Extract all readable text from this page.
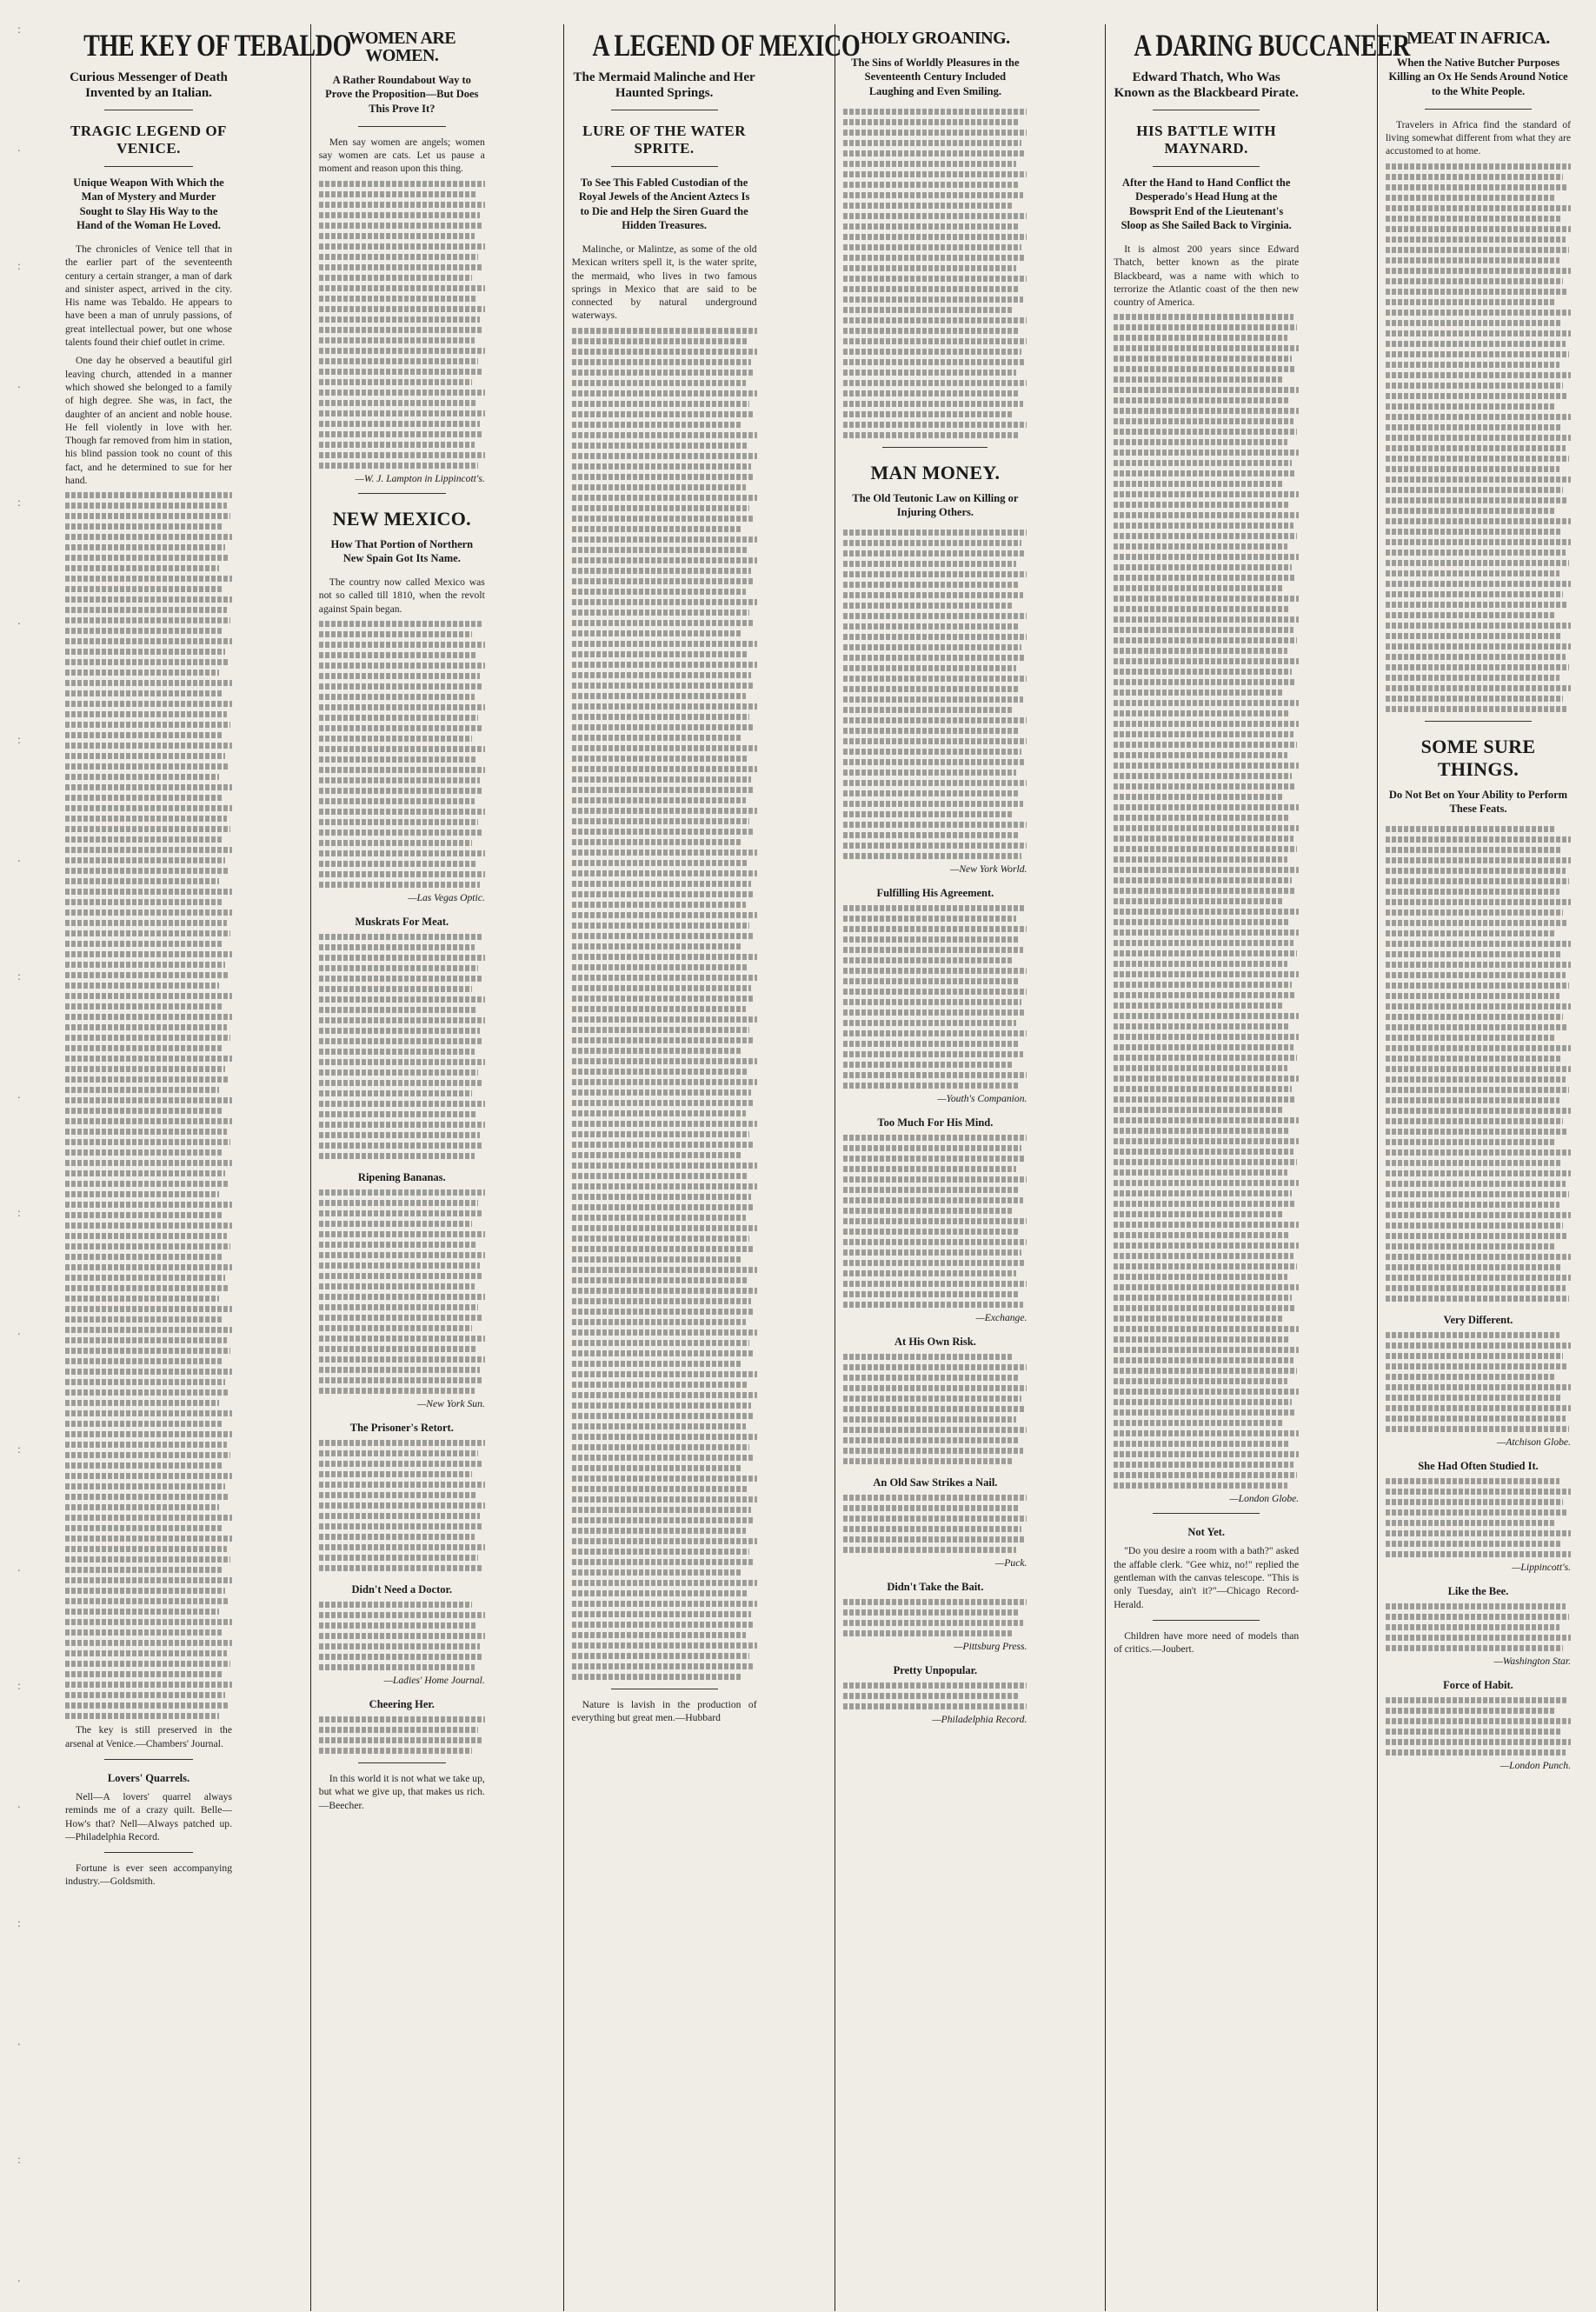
:
.
:
.
:
.
:
.
:
.
:
.
:
.
:
.
:
.
:
.
THE KEY OF TEBALDO
Curious Messenger of Death Invented by an Italian.
TRAGIC LEGEND OF VENICE.
Unique Weapon With Which the Man of Mystery and Murder Sought to Slay His Way to the Hand of the Woman He Loved.

The chronicles of Venice tell that in the earlier part of the seventeenth century a certain stranger, a man of dark and sinister aspect, arrived in the city. His name was Tebaldo. He appears to have been a man of unruly passions, of great intellectual power, but one whose talents found their chief outlet in crime.

One day he observed a beautiful girl leaving church, attended in a manner which showed she belonged to a family of high degree. She was, in fact, the daughter of an ancient and noble house. He fell violently in love with her. Though far removed from him in station, his blind passion took no count of this fact, and he determined to sue for her hand.

The key is still preserved in the arsenal at Venice.—Chambers' Journal.

Lovers' Quarrels.

Nell—A lovers' quarrel always reminds me of a crazy quilt. Belle—How's that? Nell—Always patched up.—Philadelphia Record.

Fortune is ever seen accompanying industry.—Goldsmith.

WOMEN ARE WOMEN.
A Rather Roundabout Way to Prove the Proposition—But Does This Prove It?

Men say women are angels; women say women are cats. Let us pause a moment and reason upon this thing.

—W. J. Lampton in Lippincott's.

NEW MEXICO.
How That Portion of Northern New Spain Got Its Name.

The country now called Mexico was not so called till 1810, when the revolt against Spain began.

—Las Vegas Optic.

Muskrats For Meat.
Ripening Bananas.

—New York Sun.

The Prisoner's Retort.
Didn't Need a Doctor.

—Ladies' Home Journal.

Cheering Her.

In this world it is not what we take up, but what we give up, that makes us rich.—Beecher.

A LEGEND OF MEXICO
The Mermaid Malinche and Her Haunted Springs.
LURE OF THE WATER SPRITE.
To See This Fabled Custodian of the Royal Jewels of the Ancient Aztecs Is to Die and Help the Siren Guard the Hidden Treasures.

Malinche, or Malintze, as some of the old Mexican writers spell it, is the water sprite, the mermaid, who lives in two famous springs in Mexico that are said to be connected by natural underground waterways.

Nature is lavish in the production of everything but great men.—Hubbard

HOLY GROANING.
The Sins of Worldly Pleasures in the Seventeenth Century Included Laughing and Even Smiling.
MAN MONEY.
The Old Teutonic Law on Killing or Injuring Others.

—New York World.

Fulfilling His Agreement.

—Youth's Companion.

Too Much For His Mind.

—Exchange.

At His Own Risk.
An Old Saw Strikes a Nail.

—Puck.

Didn't Take the Bait.

—Pittsburg Press.

Pretty Unpopular.

—Philadelphia Record.

A DARING BUCCANEER
Edward Thatch, Who Was Known as the Blackbeard Pirate.
HIS BATTLE WITH MAYNARD.
After the Hand to Hand Conflict the Desperado's Head Hung at the Bowsprit End of the Lieutenant's Sloop as She Sailed Back to Virginia.

It is almost 200 years since Edward Thatch, better known as the pirate Blackbeard, was a name with which to terrorize the Atlantic coast of the then new country of America.

—London Globe.

Not Yet.

"Do you desire a room with a bath?" asked the affable clerk. "Gee whiz, no!" replied the gentleman with the canvas telescope. "This is only Tuesday, ain't it?"—Chicago Record-Herald.

Children have more need of models than of critics.—Joubert.

MEAT IN AFRICA.
When the Native Butcher Purposes Killing an Ox He Sends Around Notice to the White People.

Travelers in Africa find the standard of living somewhat different from what they are accustomed to at home.

SOME SURE THINGS.
Do Not Bet on Your Ability to Perform These Feats.
Very Different.

—Atchison Globe.

She Had Often Studied It.

—Lippincott's.

Like the Bee.

—Washington Star.

Force of Habit.

—London Punch.
